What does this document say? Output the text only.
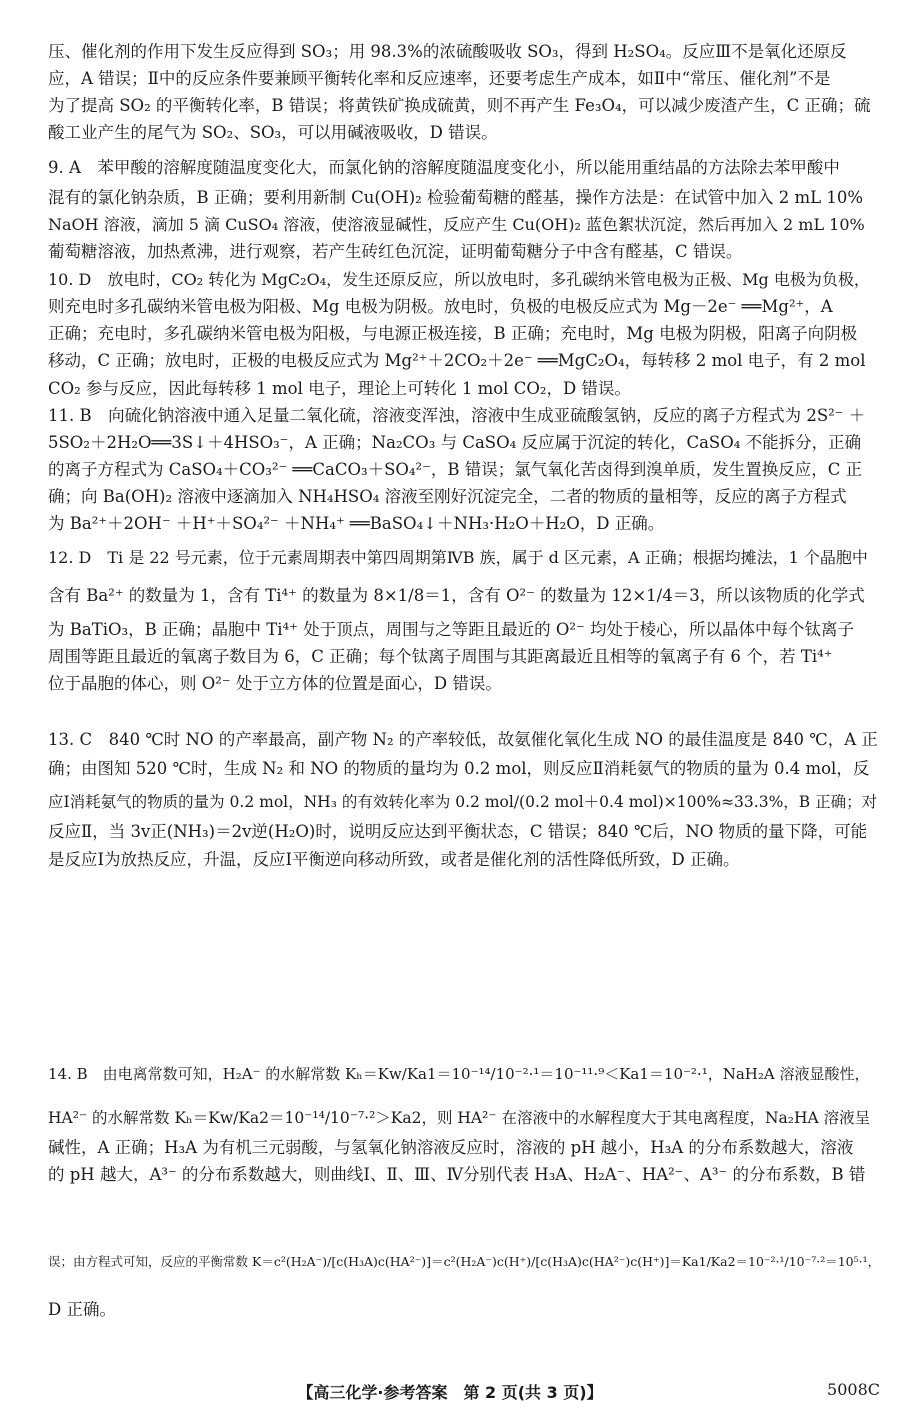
压、催化剂的作用下发生反应得到 SO₃；用 98.3%的浓硫酸吸收 SO₃，得到 H₂SO₄。反应Ⅲ不是氧化还原反
应，A 错误；Ⅱ中的反应条件要兼顾平衡转化率和反应速率，还要考虑生产成本，如Ⅱ中“常压、催化剂”不是
为了提高 SO₂ 的平衡转化率，B 错误；将黄铁矿换成硫黄，则不再产生 Fe₃O₄，可以减少废渣产生，C 正确；硫
酸工业产生的尾气为 SO₂、SO₃，可以用碱液吸收，D 错误。
9. A　苯甲酸的溶解度随温度变化大，而氯化钠的溶解度随温度变化小，所以能用重结晶的方法除去苯甲酸中
混有的氯化钠杂质，B 正确；要利用新制 Cu(OH)₂ 检验葡萄糖的醛基，操作方法是：在试管中加入 2 mL 10%
NaOH 溶液，滴加 5 滴 CuSO₄ 溶液，使溶液显碱性，反应产生 Cu(OH)₂ 蓝色絮状沉淀，然后再加入 2 mL 10%
葡萄糖溶液，加热煮沸，进行观察，若产生砖红色沉淀，证明葡萄糖分子中含有醛基，C 错误。
10. D　放电时，CO₂ 转化为 MgC₂O₄，发生还原反应，所以放电时，多孔碳纳米管电极为正极、Mg 电极为负极，
则充电时多孔碳纳米管电极为阳极、Mg 电极为阴极。放电时，负极的电极反应式为 Mg－2e⁻ ══Mg²⁺，A
正确；充电时，多孔碳纳米管电极为阳极，与电源正极连接，B 正确；充电时，Mg 电极为阴极，阳离子向阴极
移动，C 正确；放电时，正极的电极反应式为 Mg²⁺＋2CO₂＋2e⁻ ══MgC₂O₄，每转移 2 mol 电子，有 2 mol
CO₂ 参与反应，因此每转移 1 mol 电子，理论上可转化 1 mol CO₂，D 错误。
11. B　向硫化钠溶液中通入足量二氧化硫，溶液变浑浊，溶液中生成亚硫酸氢钠，反应的离子方程式为 2S²⁻ ＋
5SO₂＋2H₂O══3S↓＋4HSO₃⁻，A 正确；Na₂CO₃ 与 CaSO₄ 反应属于沉淀的转化，CaSO₄ 不能拆分，正确
的离子方程式为 CaSO₄＋CO₃²⁻ ══CaCO₃＋SO₄²⁻，B 错误；氯气氧化苦卤得到溴单质，发生置换反应，C 正
确；向 Ba(OH)₂ 溶液中逐滴加入 NH₄HSO₄ 溶液至刚好沉淀完全，二者的物质的量相等，反应的离子方程式
为 Ba²⁺＋2OH⁻ ＋H⁺＋SO₄²⁻ ＋NH₄⁺ ══BaSO₄↓＋NH₃·H₂O＋H₂O，D 正确。
12. D　Ti 是 22 号元素，位于元素周期表中第四周期第ⅣB 族，属于 d 区元素，A 正确；根据均摊法，1 个晶胞中
含有 Ba²⁺ 的数量为 1，含有 Ti⁴⁺ 的数量为 8×1/8＝1，含有 O²⁻ 的数量为 12×1/4＝3，所以该物质的化学式
为 BaTiO₃，B 正确；晶胞中 Ti⁴⁺ 处于顶点，周围与之等距且最近的 O²⁻ 均处于棱心，所以晶体中每个钛离子
周围等距且最近的氧离子数目为 6，C 正确；每个钛离子周围与其距离最近且相等的氧离子有 6 个，若 Ti⁴⁺
位于晶胞的体心，则 O²⁻ 处于立方体的位置是面心，D 错误。
13. C　840 ℃时 NO 的产率最高，副产物 N₂ 的产率较低，故氨催化氧化生成 NO 的最佳温度是 840 ℃，A 正
确；由图知 520 ℃时，生成 N₂ 和 NO 的物质的量均为 0.2 mol，则反应Ⅱ消耗氨气的物质的量为 0.4 mol，反
应Ⅰ消耗氨气的物质的量为 0.2 mol，NH₃ 的有效转化率为 0.2 mol/(0.2 mol＋0.4 mol)×100%≈33.3%，B 正确；对
反应Ⅱ，当 3v正(NH₃)＝2v逆(H₂O)时，说明反应达到平衡状态，C 错误；840 ℃后，NO 物质的量下降，可能
是反应Ⅰ为放热反应，升温，反应Ⅰ平衡逆向移动所致，或者是催化剂的活性降低所致，D 正确。
14. B　由电离常数可知，H₂A⁻ 的水解常数 Kₕ＝Kw/Ka1＝10⁻¹⁴/10⁻²·¹＝10⁻¹¹·⁹＜Ka1＝10⁻²·¹，NaH₂A 溶液显酸性，
HA²⁻ 的水解常数 Kₕ＝Kw/Ka2＝10⁻¹⁴/10⁻⁷·²＞Ka2，则 HA²⁻ 在溶液中的水解程度大于其电离程度，Na₂HA 溶液呈
碱性，A 正确；H₃A 为有机三元弱酸，与氢氧化钠溶液反应时，溶液的 pH 越小，H₃A 的分布系数越大，溶液
的 pH 越大，A³⁻ 的分布系数越大，则曲线Ⅰ、Ⅱ、Ⅲ、Ⅳ分别代表 H₃A、H₂A⁻、HA²⁻、A³⁻ 的分布系数，B 错
误；由方程式可知，反应的平衡常数 K＝c²(H₂A⁻)/[c(H₃A)c(HA²⁻)]＝c²(H₂A⁻)c(H⁺)/[c(H₃A)c(HA²⁻)c(H⁺)]＝Ka1/Ka2＝10⁻²·¹/10⁻⁷·²＝10⁵·¹，
D 正确。
【高三化学·参考答案　第 2 页(共 3 页)】	5008C
